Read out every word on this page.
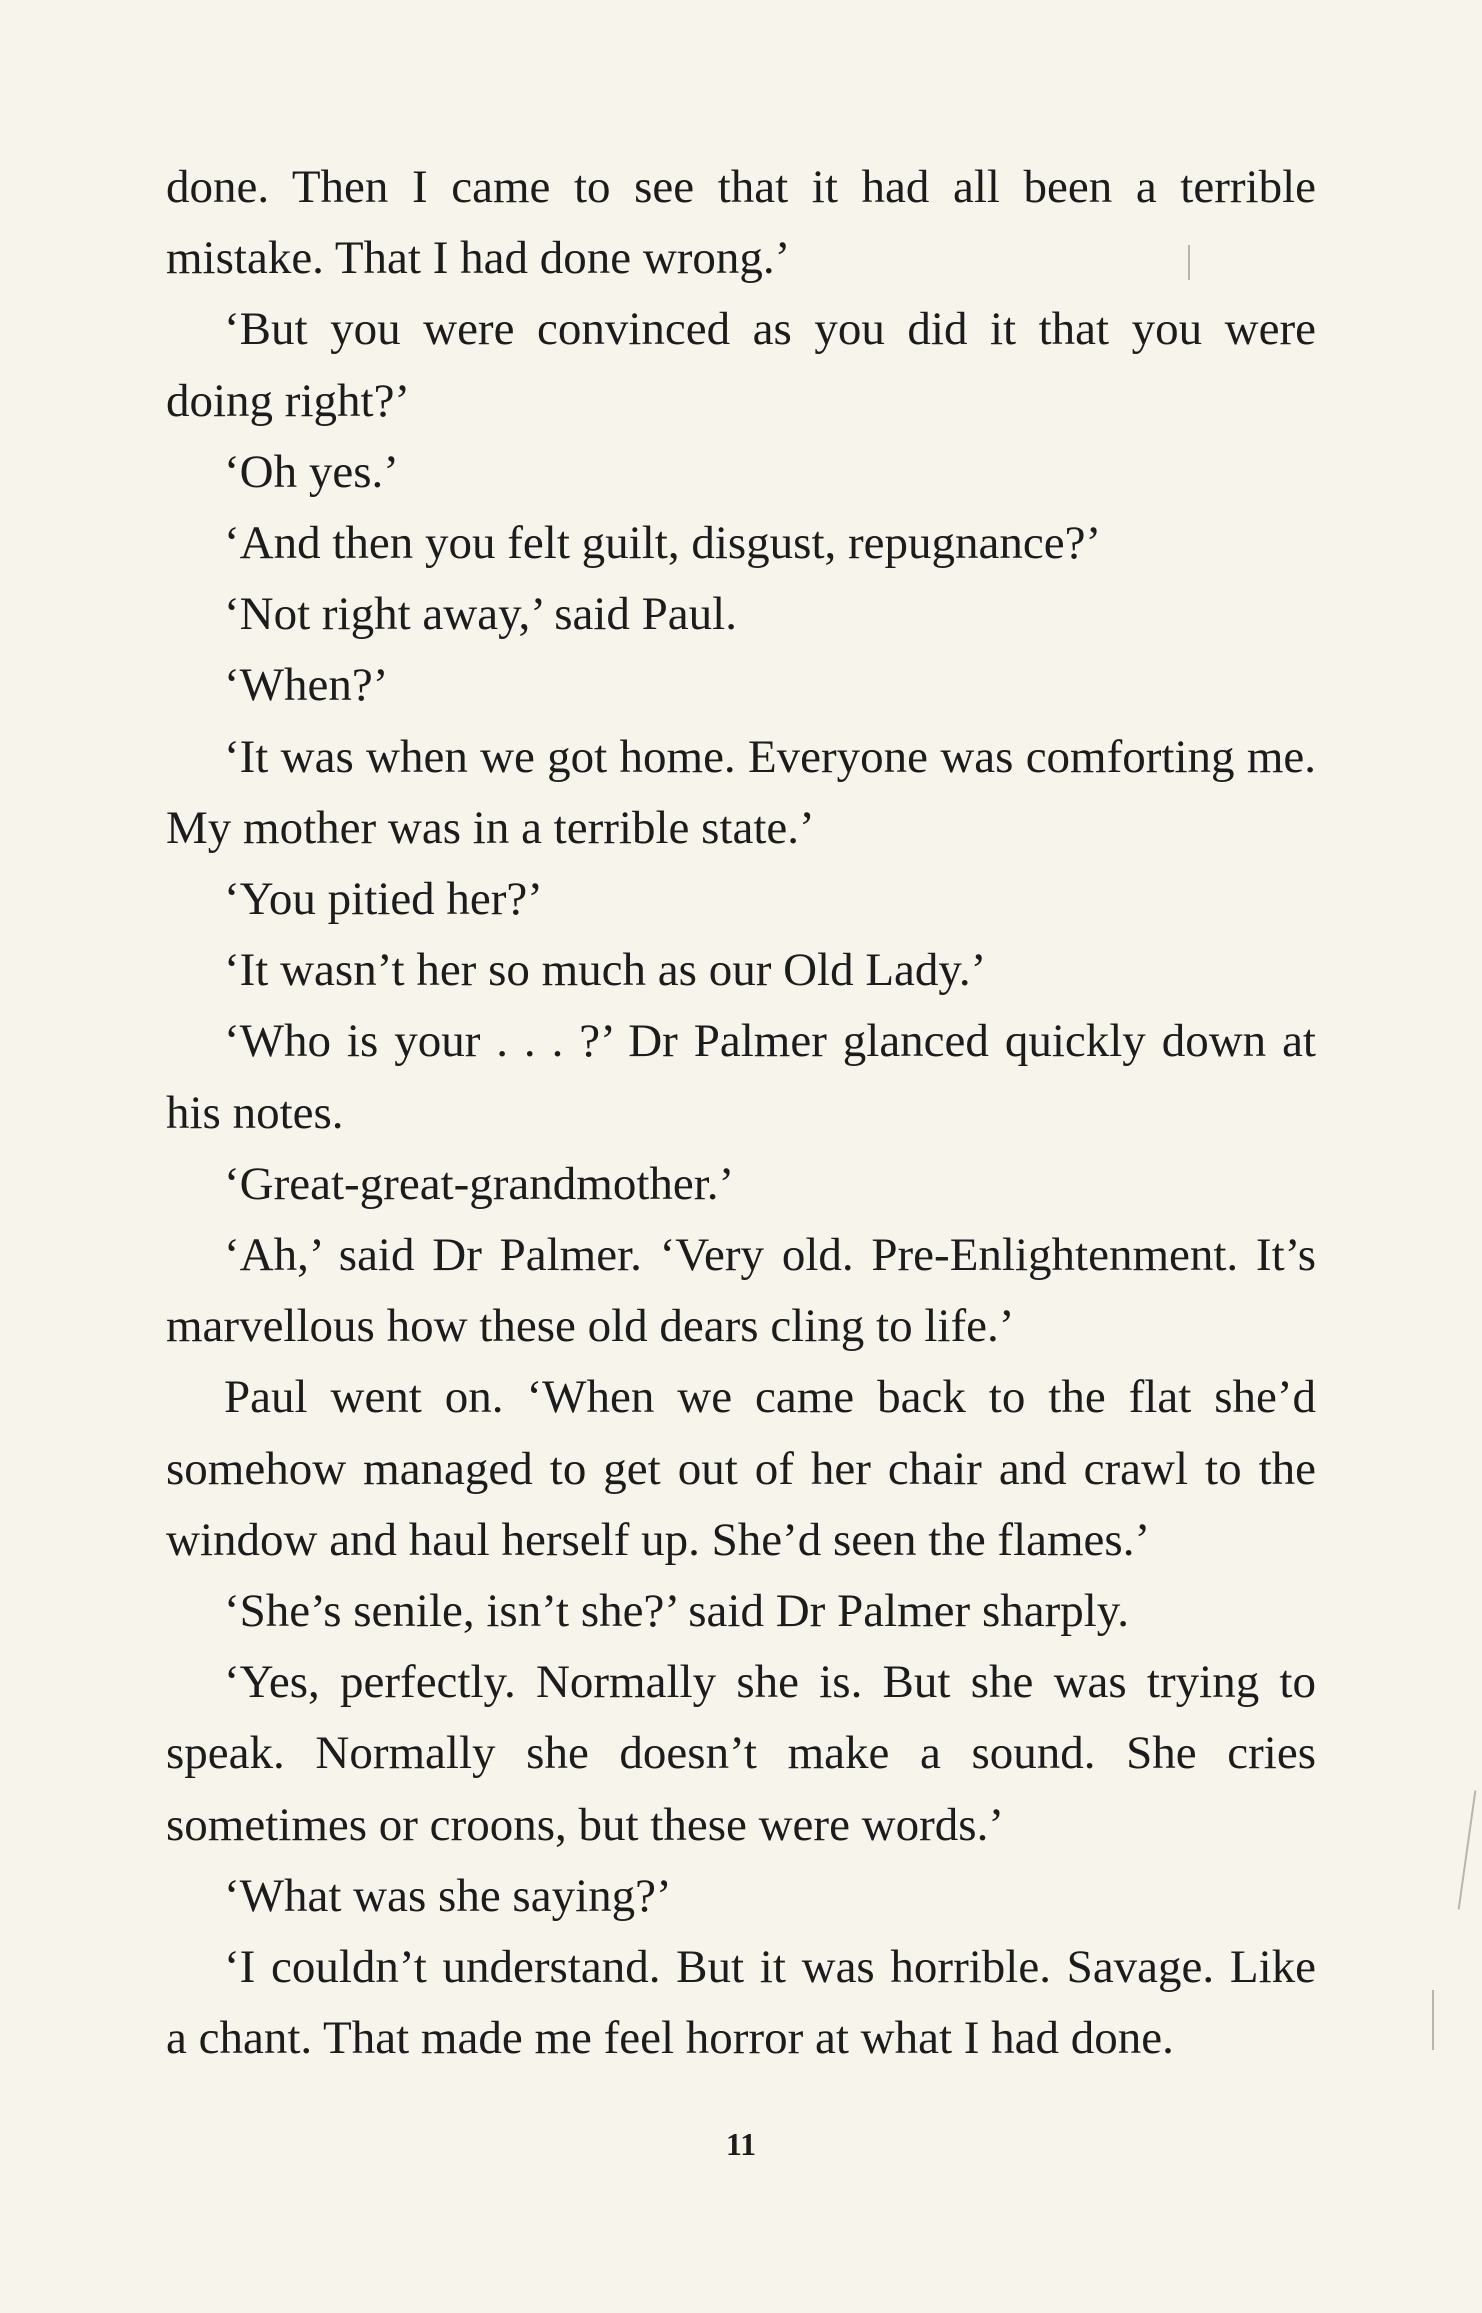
done. Then I came to see that it had all been a terrible mistake. That I had done wrong.’

‘But you were convinced as you did it that you were doing right?’

‘Oh yes.’

‘And then you felt guilt, disgust, repugnance?’

‘Not right away,’ said Paul.

‘When?’

‘It was when we got home. Everyone was comforting me. My mother was in a terrible state.’

‘You pitied her?’

‘It wasn’t her so much as our Old Lady.’

‘Who is your . . . ?’ Dr Palmer glanced quickly down at his notes.

‘Great-great-grandmother.’

‘Ah,’ said Dr Palmer. ‘Very old. Pre-Enlightenment. It’s marvellous how these old dears cling to life.’

Paul went on. ‘When we came back to the flat she’d somehow managed to get out of her chair and crawl to the window and haul herself up. She’d seen the flames.’

‘She’s senile, isn’t she?’ said Dr Palmer sharply.

‘Yes, perfectly. Normally she is. But she was trying to speak. Normally she doesn’t make a sound. She cries sometimes or croons, but these were words.’

‘What was she saying?’

‘I couldn’t understand. But it was horrible. Savage. Like a chant. That made me feel horror at what I had done.

11
